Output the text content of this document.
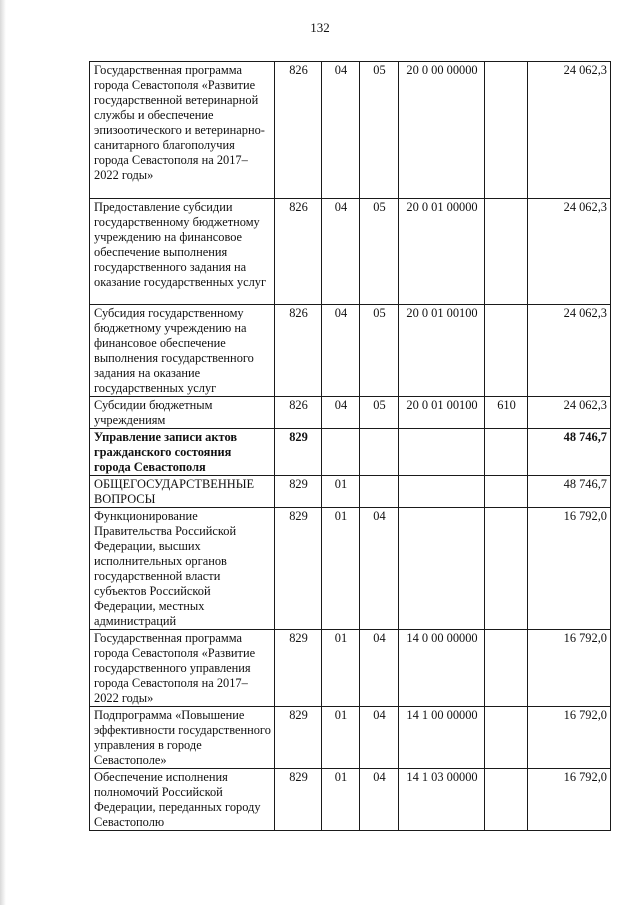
132
Государственная программа города Севастополя «Развитие государственной ветеринарной службы и обеспечение эпизоотического и ветеринарно-санитарного благополучия города Севастополя на 2017–2022 годы»	826	04	05	20 0 00 00000		24 062,3
Предоставление субсидии государственному бюджетному учреждению на финансовое обеспечение выполнения государственного задания на оказание государственных услуг	826	04	05	20 0 01 00000		24 062,3
Субсидия государственному бюджетному учреждению на финансовое обеспечение выполнения государственного задания на оказание государственных услуг	826	04	05	20 0 01 00100		24 062,3
Субсидии бюджетным учреждениям	826	04	05	20 0 01 00100	610	24 062,3
Управление записи актов гражданского состояния города Севастополя	829					48 746,7
ОБЩЕГОСУДАРСТВЕННЫЕ ВОПРОСЫ	829	01				48 746,7
Функционирование Правительства Российской Федерации, высших исполнительных органов государственной власти субъектов Российской Федерации, местных администраций	829	01	04			16 792,0
Государственная программа города Севастополя «Развитие государственного управления города Севастополя на 2017–2022 годы»	829	01	04	14 0 00 00000		16 792,0
Подпрограмма «Повышение эффективности государственного управления в городе Севастополе»	829	01	04	14 1 00 00000		16 792,0
Обеспечение исполнения полномочий Российской Федерации, переданных городу Севастополю	829	01	04	14 1 03 00000		16 792,0
